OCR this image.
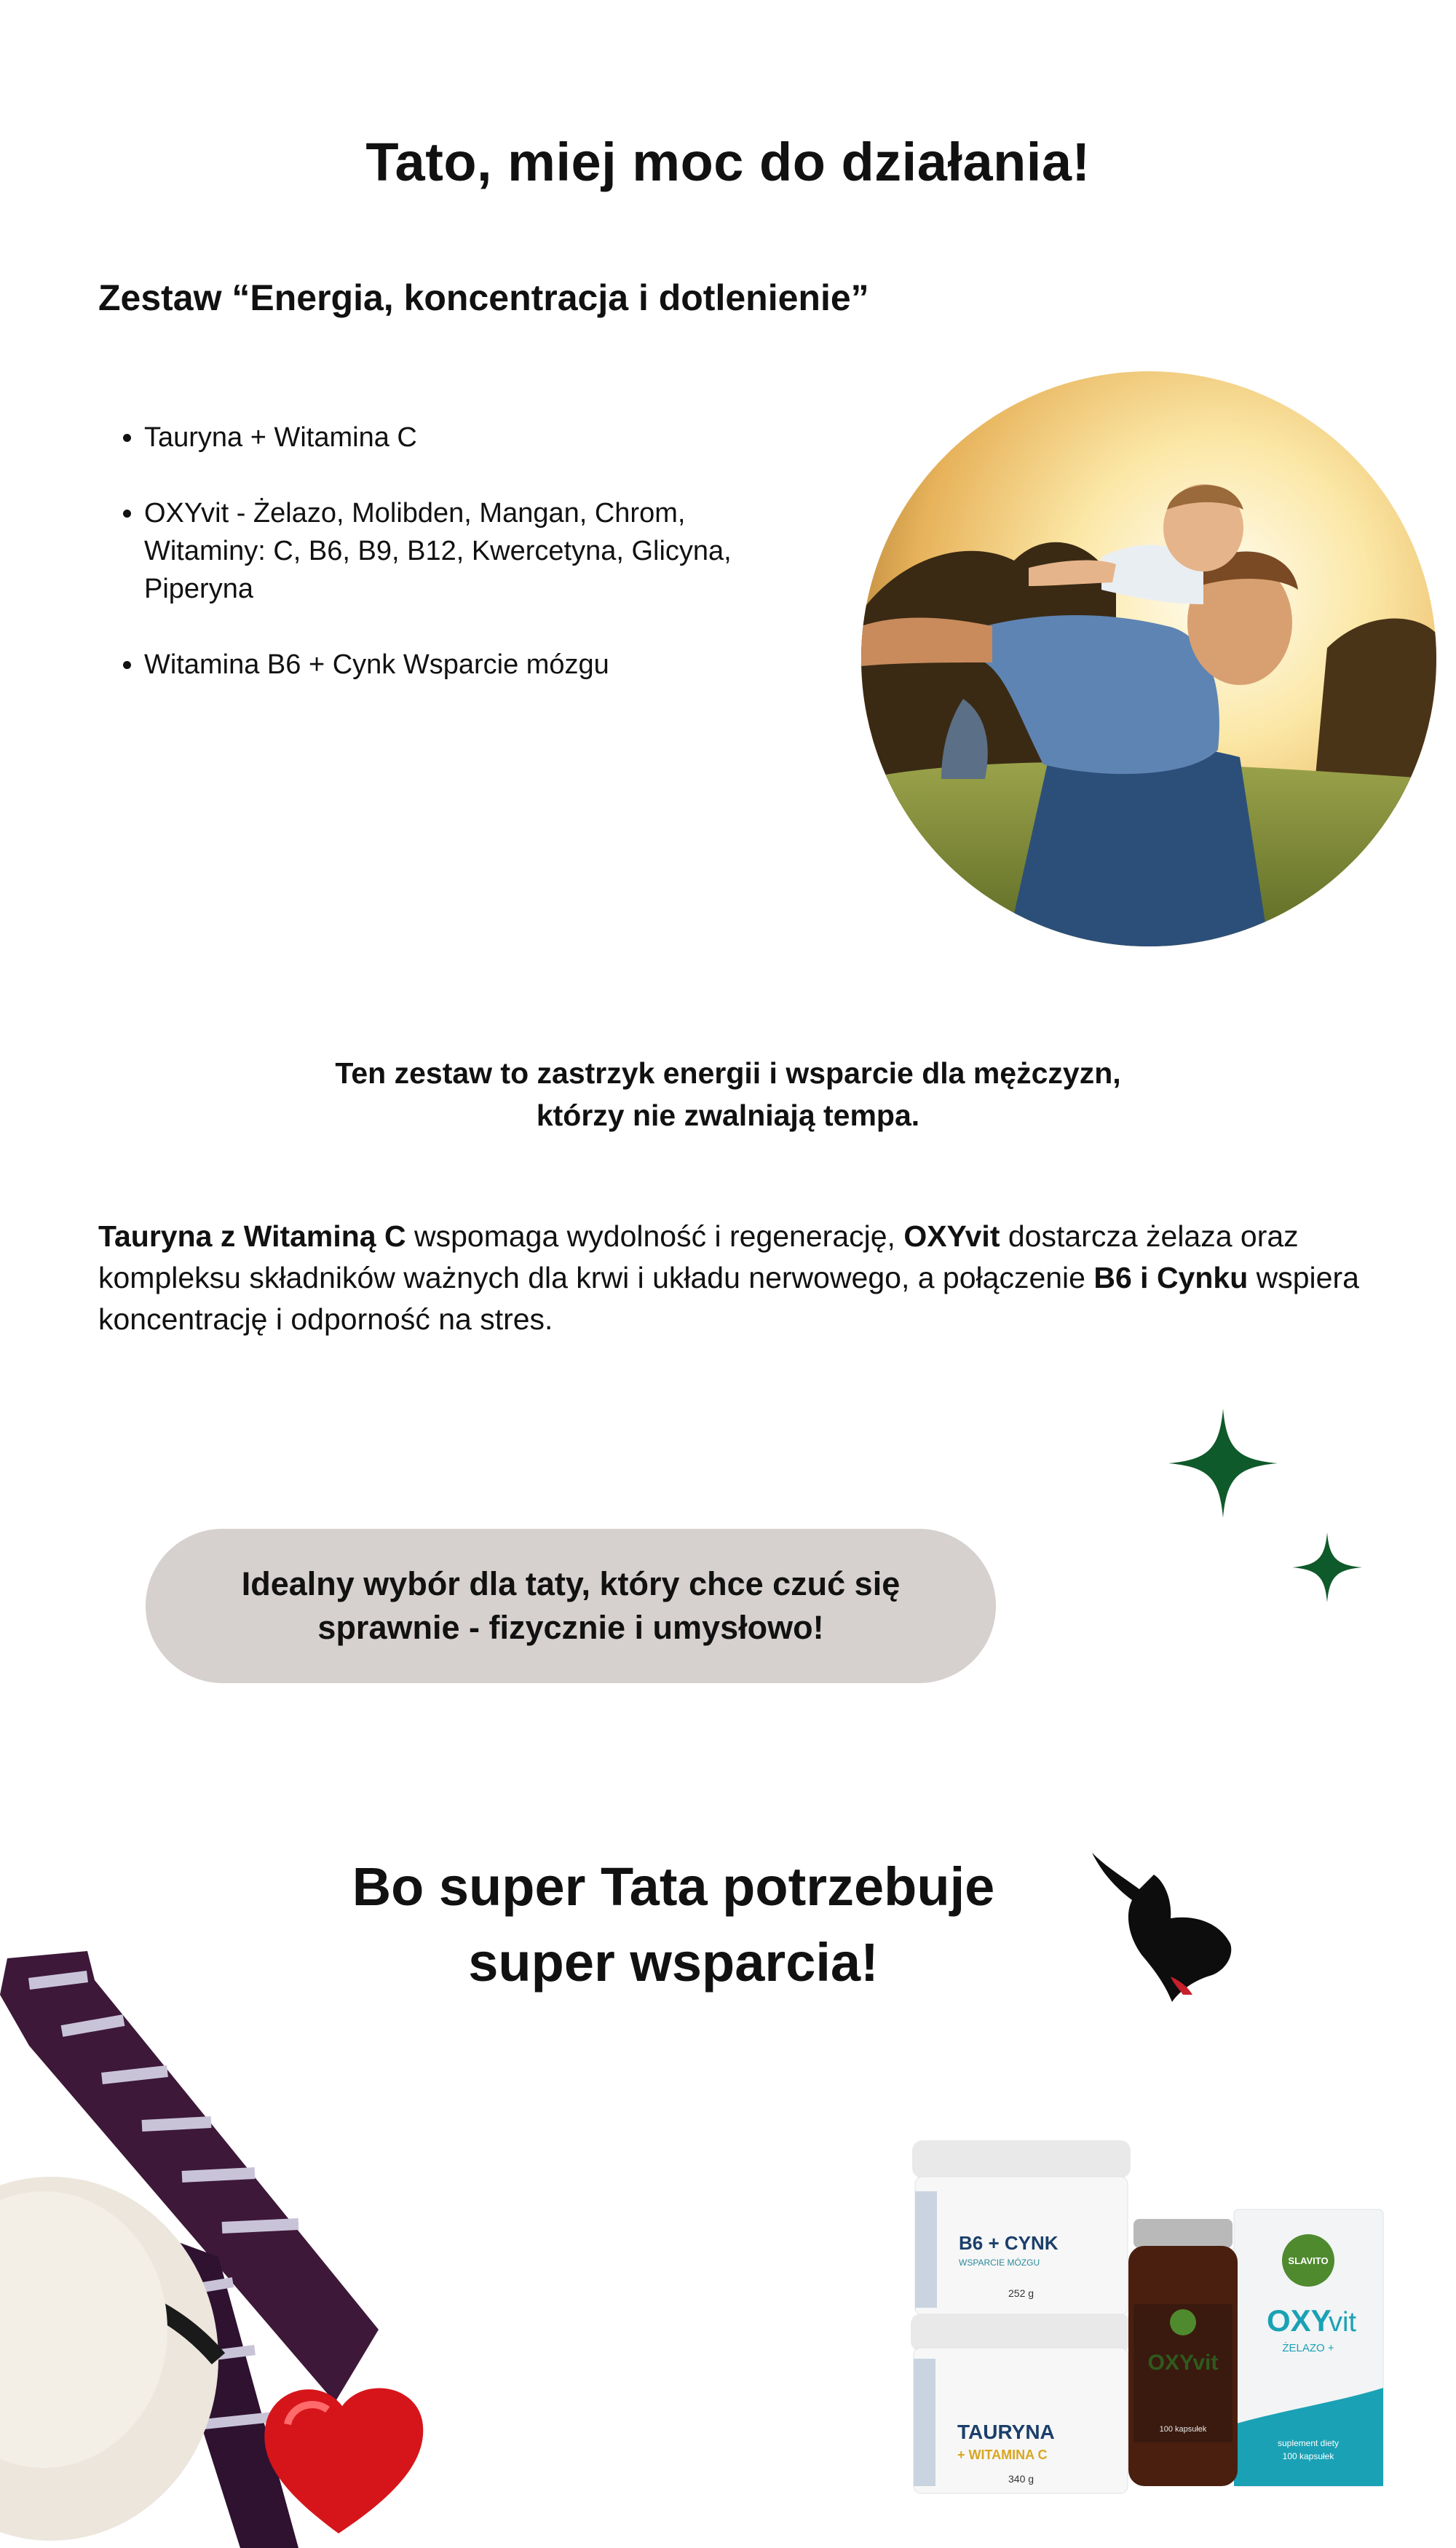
Tato, miej moc do działania!
Zestaw “Energia, koncentracja i dotlenienie”
• Tauryna + Witamina C
• OXYvit - Żelazo, Molibden, Mangan, Chrom, Witaminy: C, B6, B9, B12, Kwercetyna, Glicyna, Piperyna
• Witamina B6 + Cynk Wsparcie mózgu
Ten zestaw to zastrzyk energii i wsparcie dla mężczyzn,
którzy nie zwalniają tempa.

Tauryna z Witaminą C wspomaga wydolność i regenerację, OXYvit dostarcza żelaza oraz kompleksu składników ważnych dla krwi i układu nerwowego, a połączenie B6 i Cynku wspiera koncentrację i odporność na stres.

Idealny wybór dla taty, który chce czuć się sprawnie - fizycznie i umysłowo!
Bo super Tata potrzebuje
super wsparcia!
B6 + CYNK
WSPARCIE MÓZGU
252 g
TAURYNA
+ WITAMINA C
340 g
SLAVITO
OXY
vit
ŻELAZO +
suplement diety
100 kapsułek
OXYvit
100 kapsułek
